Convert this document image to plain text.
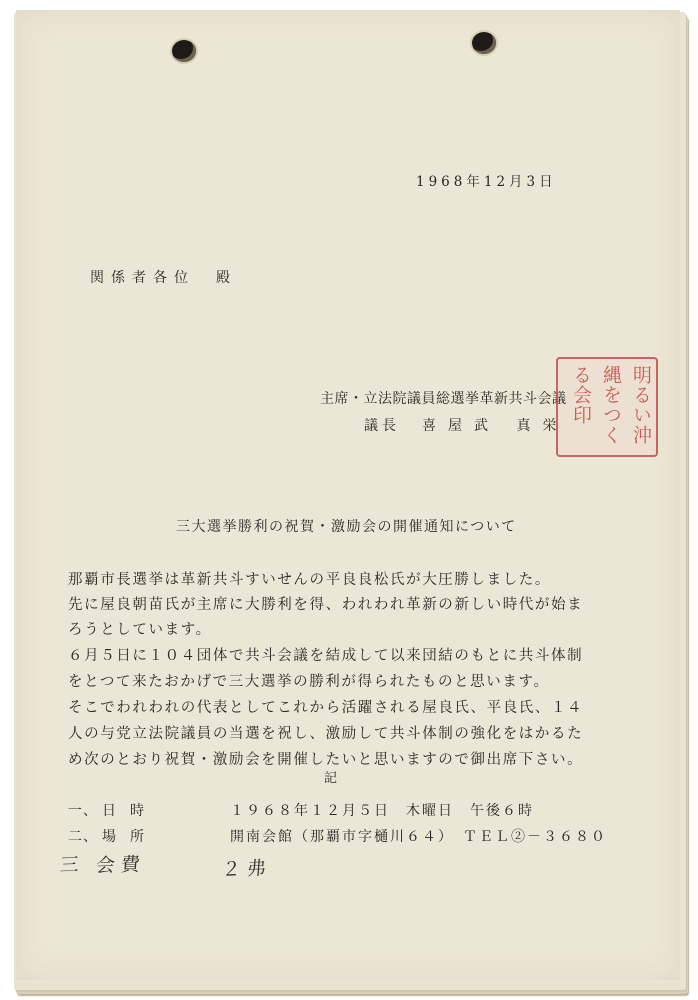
1968年12月3日
関係者各位　殿
主席・立法院議員総選挙革新共斗会議
議長 喜屋武 真栄	明るい沖
縄をつく
る会印
三大選挙勝利の祝賀・激励会の開催通知について
那覇市長選挙は革新共斗すいせんの平良良松氏が大圧勝しました。
先に屋良朝苗氏が主席に大勝利を得、われわれ革新の新しい時代が始ま
ろうとしています。
６月５日に１０４団体で共斗会議を結成して以来団結のもとに共斗体制
をとつて来たおかげで三大選挙の勝利が得られたものと思います。
そこでわれわれの代表としてこれから活躍される屋良氏、平良氏、１４
人の与党立法院議員の当選を祝し、激励して共斗体制の強化をはかるた
め次のとおり祝賀・激励会を開催したいと思いますので御出席下さい。
記
一、 日時	１９６８年１２月５日　木曜日　午後６時
二、 場所	開南会館（那覇市字樋川６４）　ＴＥＬ②－３６８０
三 会費	２弗
